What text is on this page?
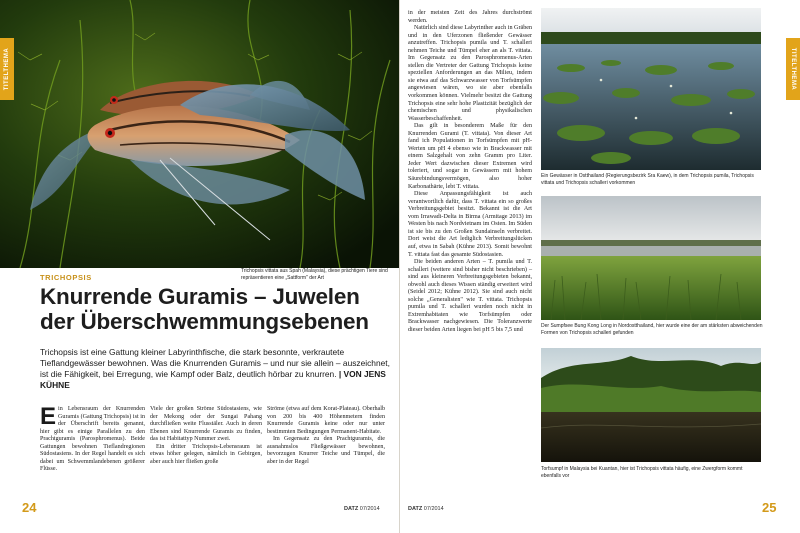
TITELTHEMA
Trichopsis vittata aus Spah (Malaysia), diese prächtigen Tiere sind repräsentieren eine „Sattform" der Art
TRICHOPSIS
Knurrende Guramis – Juwelen der Überschwemmungsebenen
Trichopsis ist eine Gattung kleiner Labyrinthfische, die stark besonnte, verkrautete Tieflandgewässer bewohnen. Was die Knurrenden Guramis – und nur sie allein – auszeichnet, ist die Fähigkeit, bei Erregung, wie Kampf oder Balz, deutlich hörbar zu knurren. | VON JENS KÜHNE

Ein Lebensraum der Knurrenden Guramis (Gattung Trichopsis) ist in der Überschrift bereits genannt, hier gibt es einige Parallelen zu den Prachtguramis (Parosphromenus). Beide Gattungen bewohnen Tieflandregionen Südostasiens. In der Regel handelt es sich dabei um Schwemmlandebenen größerer Flüsse.

Viele der großen Ströme Südostasiens, wie der Mekong oder der Sungai Pahang durchfließen weite Flusstäler. Auch in deren Ebenen sind Knurrende Guramis zu finden, das ist Habitattyp Nummer zwei.

Ein dritter Trichopsis-Lebensraum ist etwas höher gelegen, nämlich in Gebirgen, aber auch hier fließen große

Ströme (etwa auf dem Korat-Plateau). Oberhalb von 200 bis 400 Höhenmetern finden Knurrende Guramis keine oder nur unter bestimmten Bedingungen Permanent-Habitate.

Im Gegensatz zu den Prachtguramis, die ausnahmslos Fließgewässer bewohnen, bevorzugen Knurrer Teiche und Tümpel, die aber in der Regel

24	DATZ 07/2014

in der meisten Zeit des Jahres durchströmt werden.

Natürlich sind diese Labyrinther auch in Gräben und in den Uferzonen fließender Gewässer anzutreffen. Trichopsis pumila und T. schalleri nehmen Teiche und Tümpel eher an als T. vittata. Im Gegensatz zu den Parosphromenus-Arten stellen die Vertreter der Gattung Trichopsis keine speziellen Anforderungen an das Milieu, indem sie etwa auf das Schwarzwasser von Torfsümpfen angewiesen wären, wo sie aber ebenfalls vorkommen können. Vielmehr besitzt die Gattung Trichopsis eine sehr hohe Plastizität bezüglich der chemischen und physikalischen Wasserbeschaffenheit.

Das gilt in besonderem Maße für den Knurrenden Gurami (T. vittata). Von dieser Art fand ich Populationen in Torfsümpfen mit pH-Werten um pH 4 ebenso wie in Brackwasser mit einem Salzgehalt von zehn Gramm pro Liter. Jeder Wert dazwischen dieser Extremen wird toleriert, und sogar in Gewässern mit hohem Säurebindungsvermögen, also hoher Karbonathärte, lebt T. vittata.

Diese Anpassungsfähigkeit ist auch verantwortlich dafür, dass T. vittata ein so großes Verbreitungsgebiet besitzt. Bekannt ist die Art vom Irrawadi-Delta in Birma (Armitage 2013) im Westen bis nach Nordvietnam im Osten. Im Süden ist sie bis zu den Großen Sundainseln verbreitet. Dort weist die Art lediglich Verbreitungslücken auf, etwa in Sabah (Kühne 2013). Somit bewohnt T. vittata fast das gesamte Südostasien.

Die beiden anderen Arten – T. pumila und T. schalleri (weitere sind bisher nicht beschrieben) – sind aus kleineren Verbreitungsgebieten bekannt, obwohl auch dieses Wissen ständig erweitert wird (Seidel 2012; Kühne 2012). Sie sind auch nicht solche „Generalisten" wie T. vittata. Trichopsis pumila und T. schalleri wurden noch nicht in Extremhabitaten wie Torfsümpfen oder Brackwasser nachgewiesen. Die Toleranzwerte dieser beiden Arten liegen bei pH 5 bis 7,5 und

Ein Gewässer in Ostthailand (Regierungsbezirk Sra Kaew), in dem Trichopsis pumila, Trichopsis vittata und Trichopsis schalleri vorkommen
Der Sumpfsee Bung Kong Long in Nordostthailand, hier wurde eine der am stärksten abweichenden Formen von Trichopsis schalleri gefunden
Torfsumpf in Malaysia bei Kuantan, hier ist Trichopsis vittata häufig, eine Zwergform kommt ebenfalls vor
TITELTHEMA
DATZ 07/2014	25
